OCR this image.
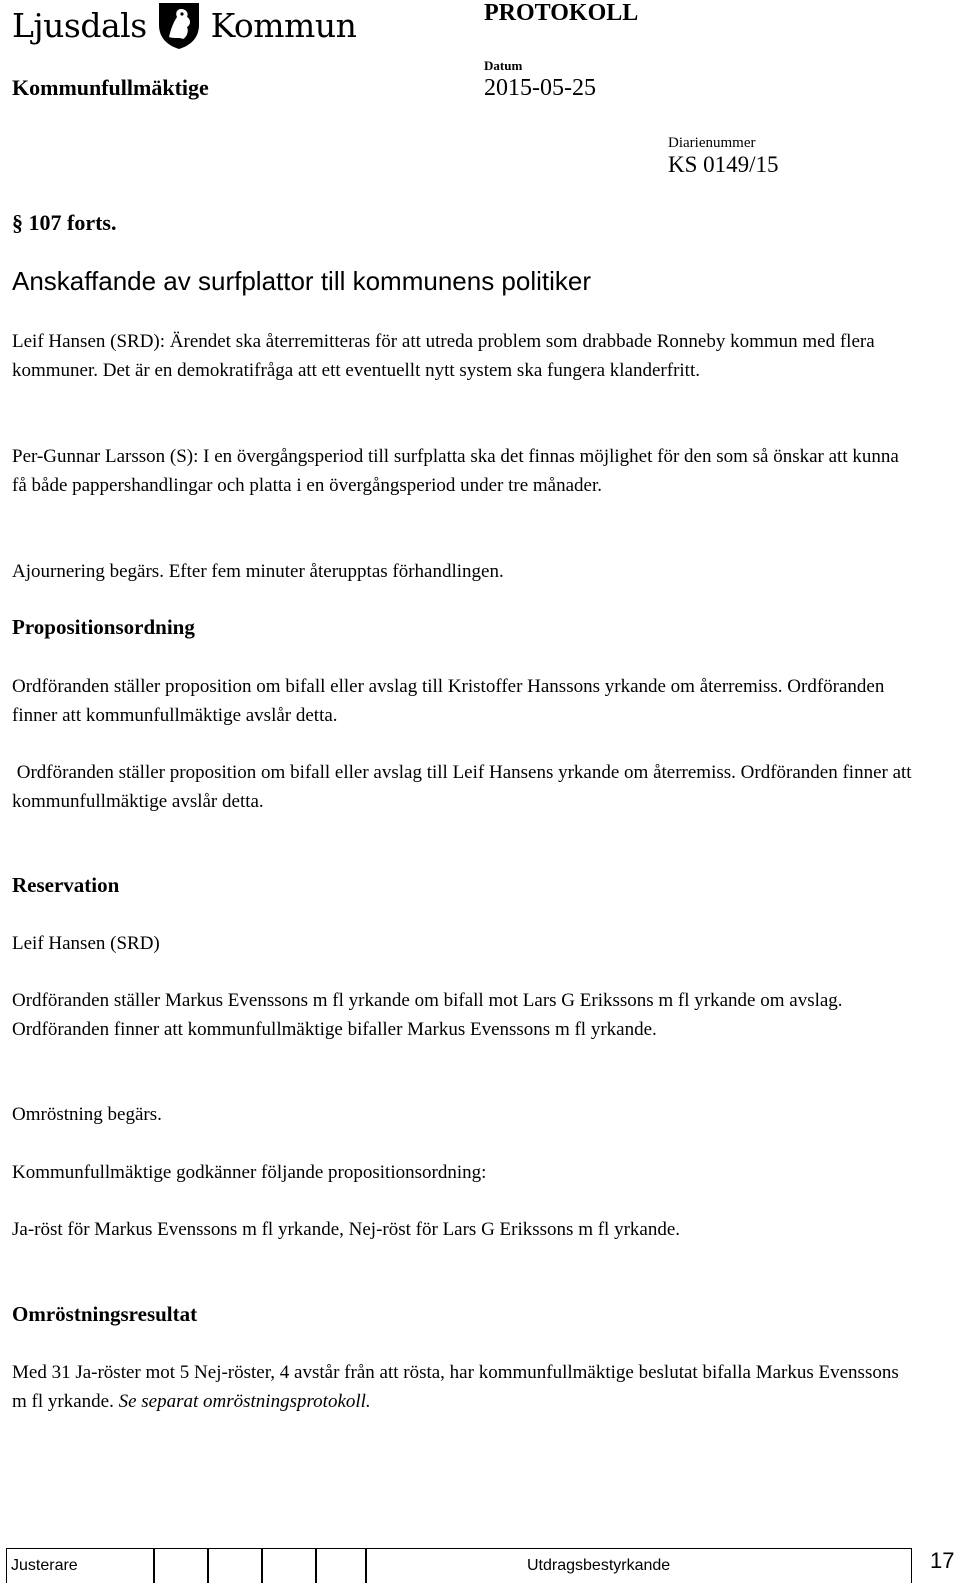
Ljusdals Kommun	PROTOKOLL
Kommunfullmäktige
Datum
2015-05-25
Diarienummer
KS 0149/15
§ 107 forts.
Anskaffande av surfplattor till kommunens politiker
Leif Hansen (SRD): Ärendet ska återremitteras för att utreda problem som drabbade Ronneby kommun med flera kommuner. Det är en demokratifråga att ett eventuellt nytt system ska fungera klanderfritt.
Per-Gunnar Larsson (S): I en övergångsperiod till surfplatta ska det finnas möjlighet för den som så önskar att kunna få både pappershandlingar och platta i en övergångsperiod under tre månader.
Ajournering begärs. Efter fem minuter återupptas förhandlingen.
Propositionsordning
Ordföranden ställer proposition om bifall eller avslag till Kristoffer Hanssons yrkande om återremiss. Ordföranden finner att kommunfullmäktige avslår detta.
Ordföranden ställer proposition om bifall eller avslag till Leif Hansens yrkande om återremiss. Ordföranden finner att kommunfullmäktige avslår detta.
Reservation
Leif Hansen (SRD)
Ordföranden ställer Markus Evenssons m fl yrkande om bifall mot Lars G Erikssons m fl yrkande om avslag. Ordföranden finner att kommunfullmäktige bifaller Markus Evenssons m fl yrkande.
Omröstning begärs.
Kommunfullmäktige godkänner följande propositionsordning:
Ja-röst för Markus Evenssons m fl yrkande, Nej-röst för Lars G Erikssons m fl yrkande.
Omröstningsresultat
Med 31 Ja-röster mot 5 Nej-röster, 4 avstår från att rösta, har kommunfullmäktige beslutat bifalla Markus Evenssons m fl yrkande. Se separat omröstningsprotokoll.
Justerare	Utdragsbestyrkande	17
